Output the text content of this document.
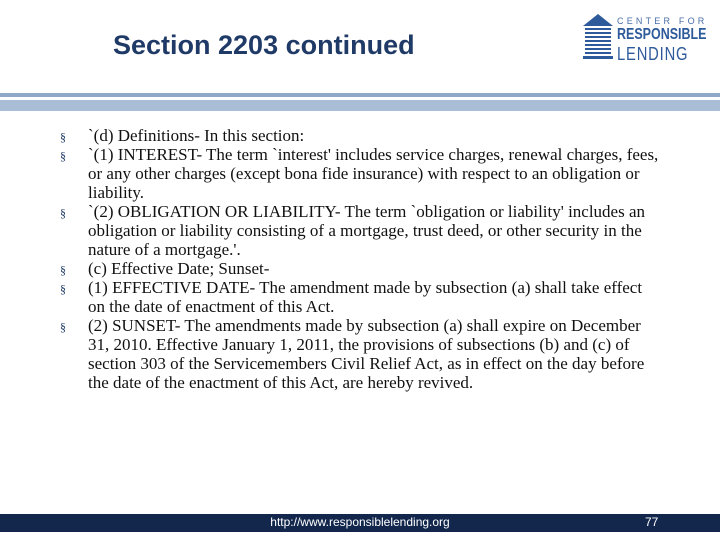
Section 2203 continued
CENTER FOR
RESPONSIBLE
LENDING
§ `(d) Definitions- In this section:
§ `(1) INTEREST- The term `interest' includes service charges, renewal charges, fees, or any other charges (except bona fide insurance) with respect to an obligation or liability.
§ `(2) OBLIGATION OR LIABILITY- The term `obligation or liability' includes an obligation or liability consisting of a mortgage, trust deed, or other security in the nature of a mortgage.'.
§ (c) Effective Date; Sunset-
§ (1) EFFECTIVE DATE- The amendment made by subsection (a) shall take effect on the date of enactment of this Act.
§ (2) SUNSET- The amendments made by subsection (a) shall expire on December 31, 2010. Effective January 1, 2011, the provisions of subsections (b) and (c) of section 303 of the Servicemembers Civil Relief Act, as in effect on the day before the date of the enactment of this Act, are hereby revived.
http://www.responsiblelending.org	77
